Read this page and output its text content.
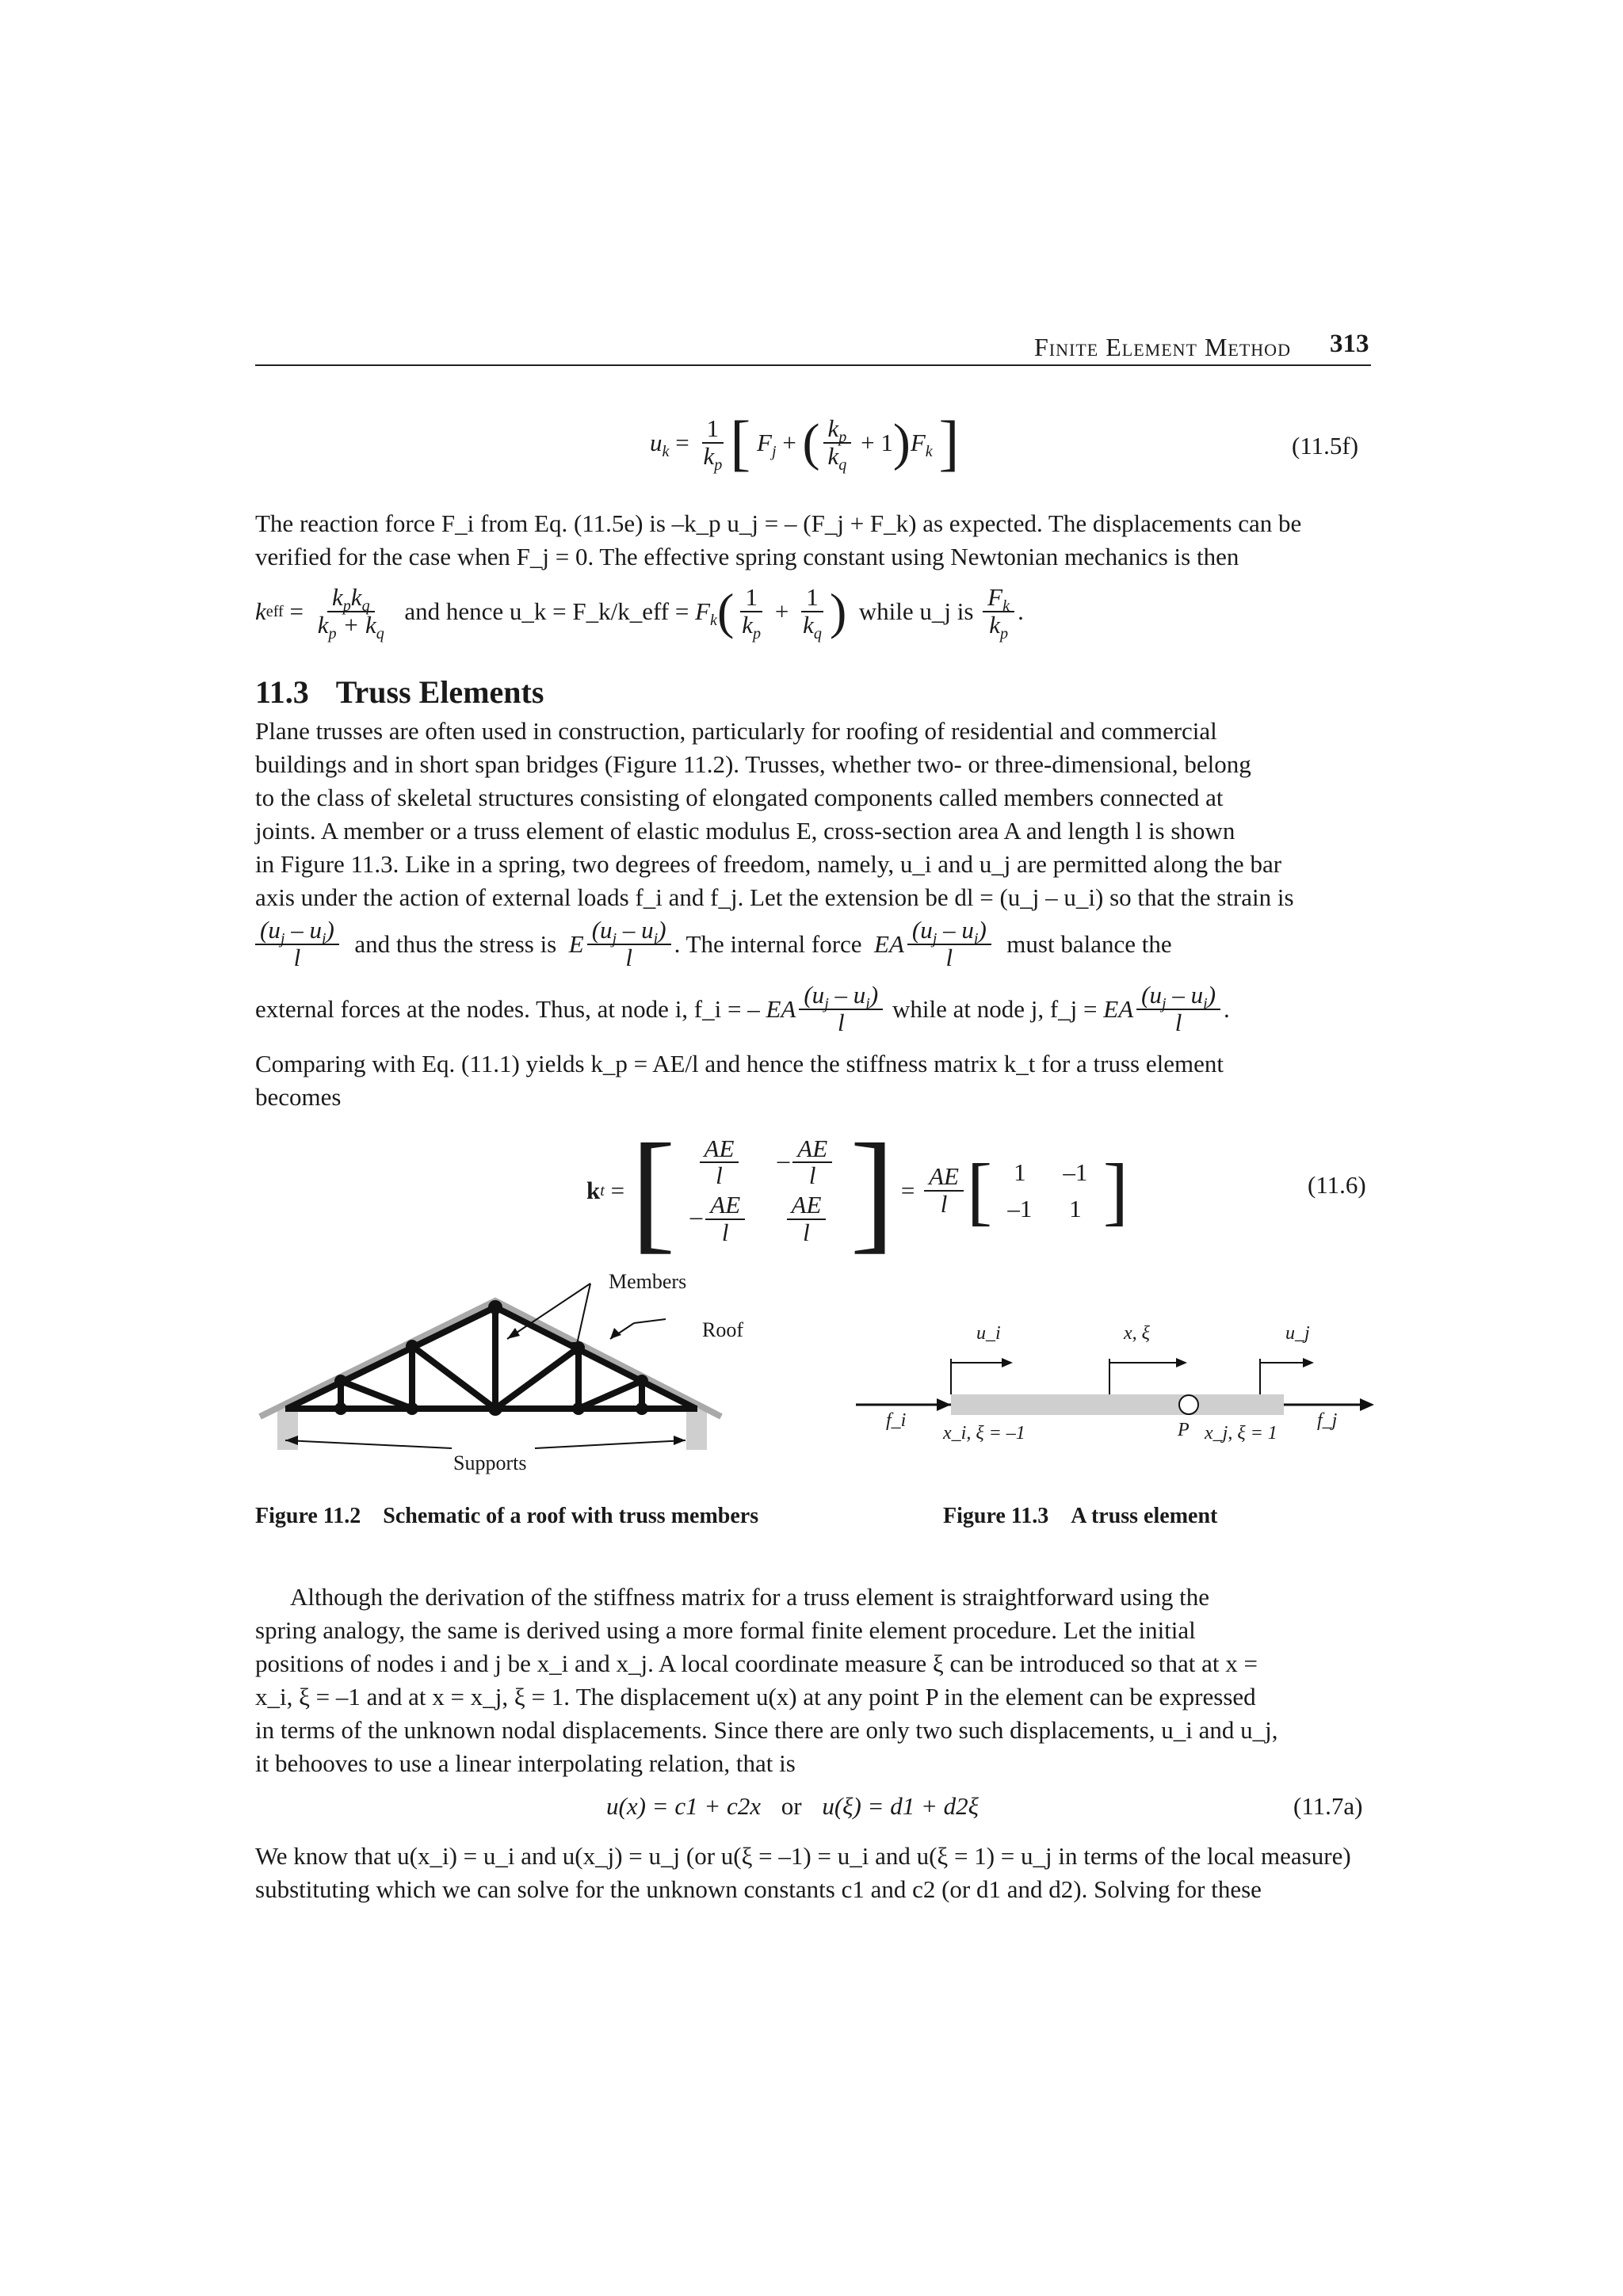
Finite Element Method 313
$u_k = \frac{1}{k_p}$ [ $F_j$ + ( $\frac{k_p}{k_q} + 1$ ) $F_k$ ]	(11.5f)
The reaction force F_i from Eq. (11.5e) is –k_p u_j = – (F_j + F_k) as expected. The displacements can be
verified for the case when F_j = 0. The effective spring constant using Newtonian mechanics is then
k eff = $\frac{k_pk_q}{k_p + k_q}$
and hence u_k = F_k/k_eff =
$F_k$ ( $\frac{1}{k_p} + \frac{1}{k_q}$ )
while u_j is
$\frac{F_k}{k_p}$ .
11.3 Truss Elements
Plane trusses are often used in construction, particularly for roofing of residential and commercial
buildings and in short span bridges (Figure 11.2). Trusses, whether two- or three-dimensional, belong
to the class of skeletal structures consisting of elongated components called members connected at
joints. A member or a truss element of elastic modulus E, cross-section area A and length l is shown
in Figure 11.3. Like in a spring, two degrees of freedom, namely, u_i and u_j are permitted along the bar
axis under the action of external loads f_i and f_j. Let the extension be dl = (u_j – u_i) so that the strain is
$\frac{(u_j - u_i)}{l}$
and thus the stress is
E $\frac{(u_j - u_i)}{l}$ . The internal force
EA $\frac{(u_j - u_i)}{l}$
must balance the
external forces at the nodes. Thus, at node i, f_i = –
EA $\frac{(u_j - u_i)}{l}$
while at node j, f_j =
EA $\frac{(u_j - u_i)}{l}$ .
Comparing with Eq. (11.1) yields k_p = AE/l and hence the stiffness matrix k_t for a truss element
becomes
k t = [ $\frac{AE}{l} - \frac{AE}{l}$
– $\frac{AE}{l} \frac{AE}{l}$ ] = $\frac{AE}{l}$ [ 1	–1
–1	1 ]	(11.6)
Members
Roof
Supports
u_i	x, ξ	u_j
f_i
x_i, ξ = –1	P x_j, ξ = 1
f_j
Figure 11.2 Schematic of a roof with truss members	Figure 11.3 A truss element
Although the derivation of the stiffness matrix for a truss element is straightforward using the
spring analogy, the same is derived using a more formal finite element procedure. Let the initial
positions of nodes i and j be x_i and x_j. A local coordinate measure ξ can be introduced so that at x =
x_i, ξ = –1 and at x = x_j, ξ = 1. The displacement u(x) at any point P in the element can be expressed
in terms of the unknown nodal displacements. Since there are only two such displacements, u_i and u_j,
it behooves to use a linear interpolating relation, that is
u(x) = c1 + c2x or u(ξ) = d1 + d2ξ	(11.7a)
We know that u(x_i) = u_i and u(x_j) = u_j (or u(ξ = –1) = u_i and u(ξ = 1) = u_j in terms of the local measure)
substituting which we can solve for the unknown constants c1 and c2 (or d1 and d2). Solving for these
